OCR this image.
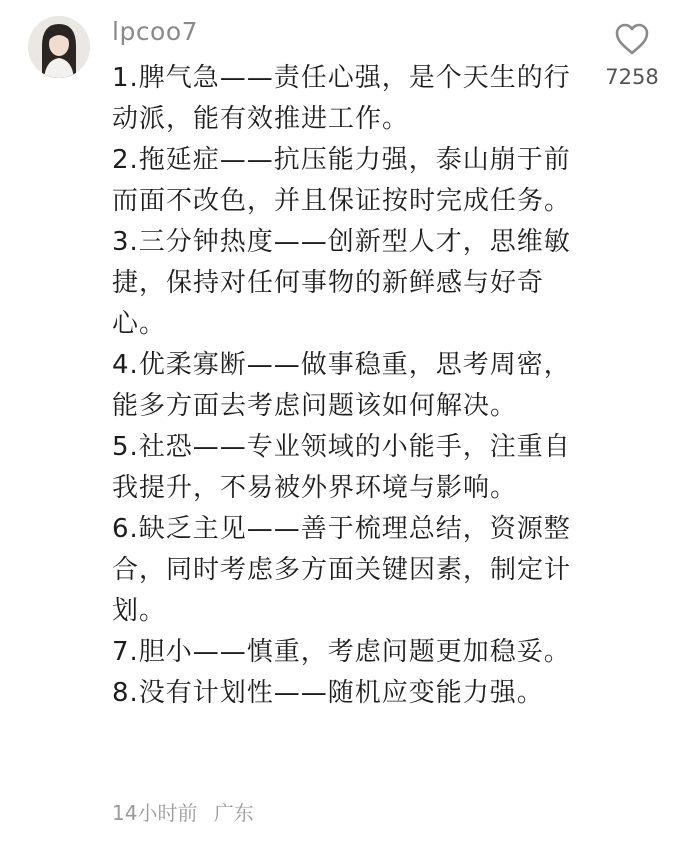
lpcoo7
7258
1.脾气急——责任心强，是个天生的行动派，能有效推进工作。
2.拖延症——抗压能力强，泰山崩于前而面不改色，并且保证按时完成任务。
3.三分钟热度——创新型人才，思维敏捷，保持对任何事物的新鲜感与好奇心。
4.优柔寡断——做事稳重，思考周密，能多方面去考虑问题该如何解决。
5.社恐——专业领域的小能手，注重自我提升，不易被外界环境与影响。
6.缺乏主见——善于梳理总结，资源整合，同时考虑多方面关键因素，制定计划。
7.胆小——慎重，考虑问题更加稳妥。
8.没有计划性——随机应变能力强。
14小时前 广东
